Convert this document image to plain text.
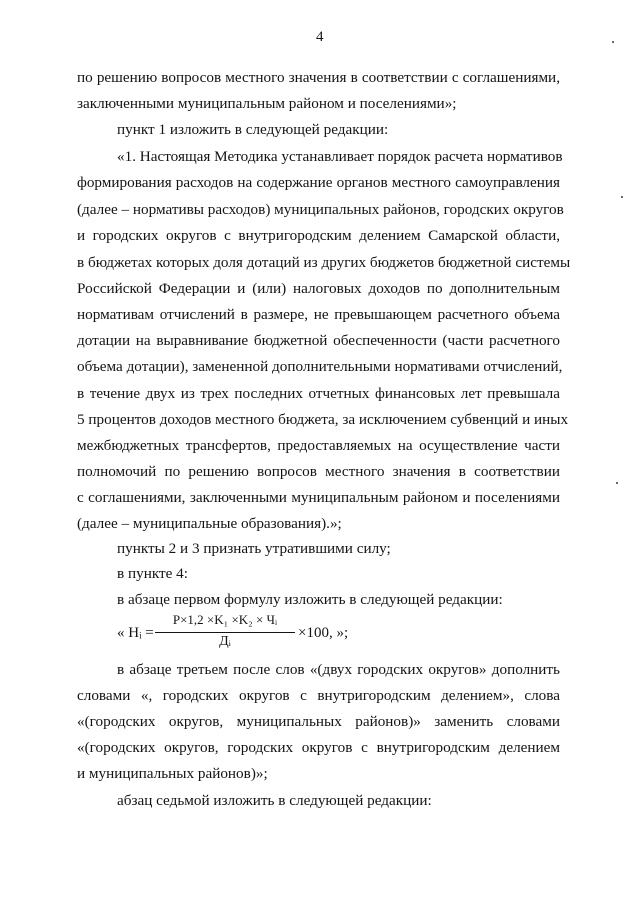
4
по решению вопросов местного значения в соответствии с соглашениями,
заключенными муниципальным районом и поселениями»;
пункт 1 изложить в следующей редакции:
«1. Настоящая Методика устанавливает порядок расчета нормативов
формирования расходов на содержание органов местного самоуправления
(далее – нормативы расходов) муниципальных районов, городских округов
и городских округов с внутригородским делением Самарской области,
в бюджетах которых доля дотаций из других бюджетов бюджетной системы
Российской Федерации и (или) налоговых доходов по дополнительным
нормативам отчислений в размере, не превышающем расчетного объема
дотации на выравнивание бюджетной обеспеченности (части расчетного
объема дотации), замененной дополнительными нормативами отчислений,
в течение двух из трех последних отчетных финансовых лет превышала
5 процентов доходов местного бюджета, за исключением субвенций и иных
межбюджетных трансфертов, предоставляемых на осуществление части
полномочий по решению вопросов местного значения в соответствии
с соглашениями, заключенными муниципальным районом и поселениями
(далее – муниципальные образования).»;
пункты 2 и 3 признать утратившими силу;
в пункте 4:
в абзаце первом формулу изложить в следующей редакции:
« Нᵢ =
P×1,2 ×K₁ ×K₂ × Чᵢ
Дᵢ
×100, »;
в абзаце третьем после слов «(двух городских округов» дополнить
словами «, городских округов с внутригородским делением», слова
«(городских округов, муниципальных районов)» заменить словами
«(городских округов, городских округов с внутригородским делением
и муниципальных районов)»;
абзац седьмой изложить в следующей редакции:
